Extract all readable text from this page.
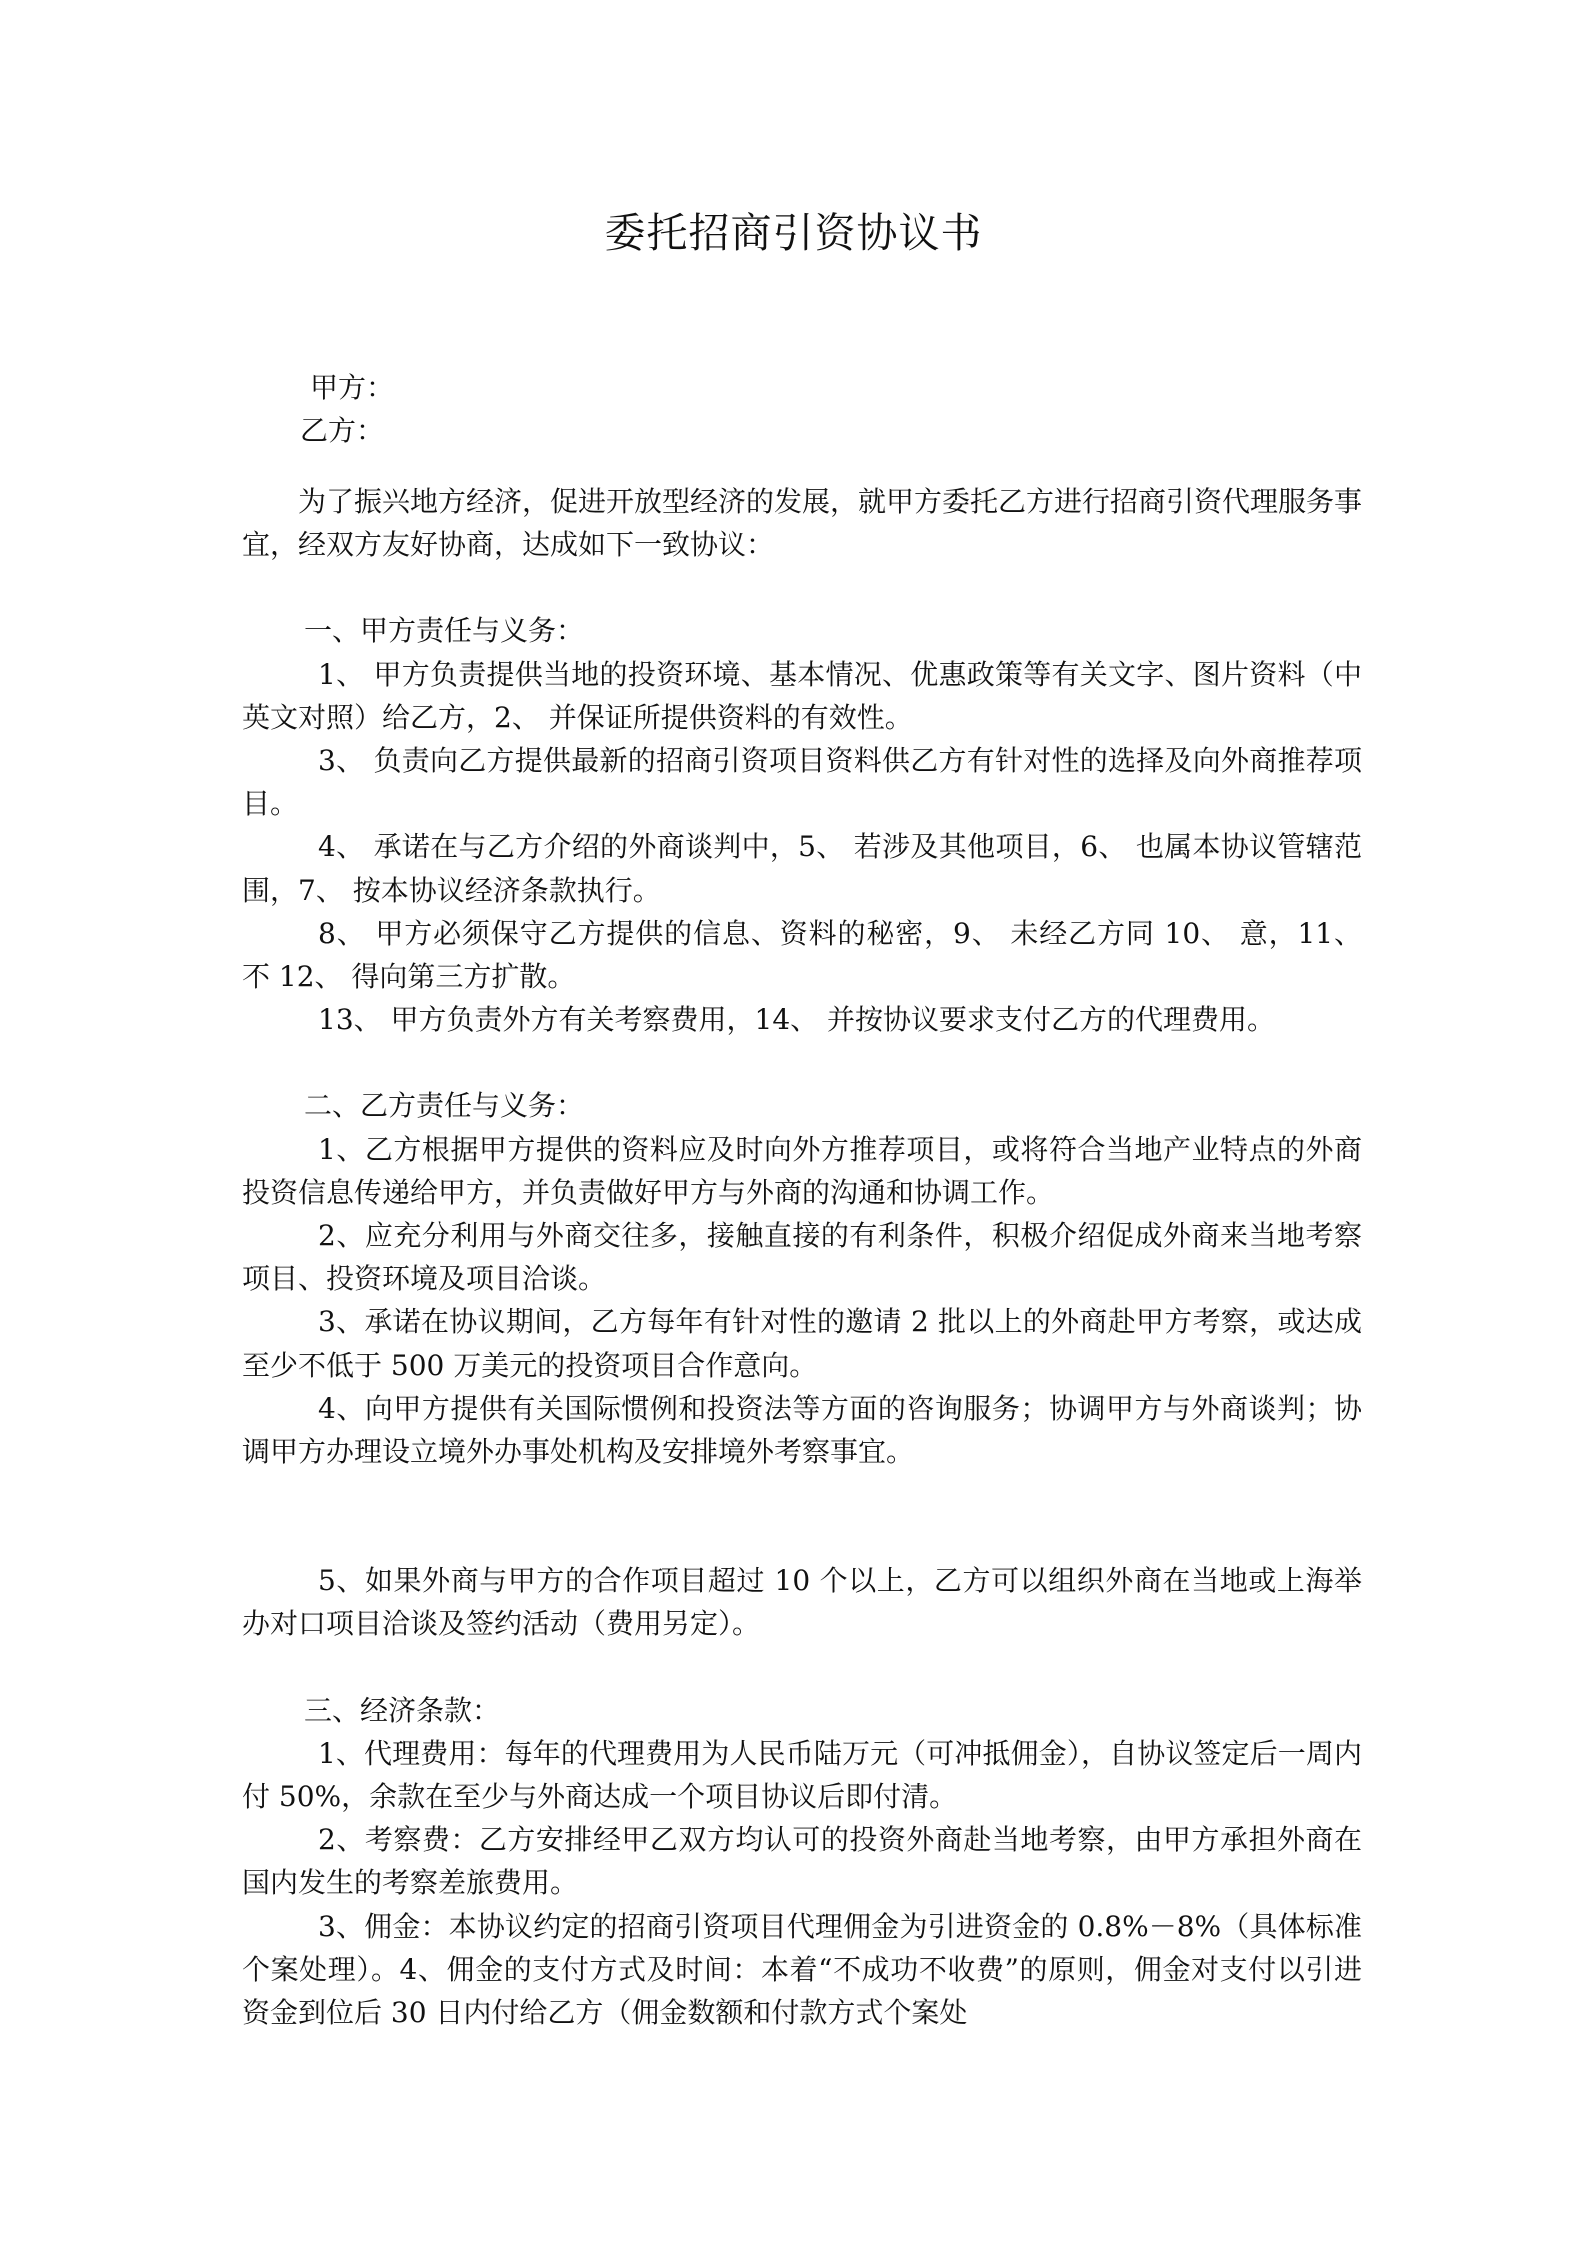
委托招商引资协议书

甲方：

乙方：

为了振兴地方经济，促进开放型经济的发展，就甲方委托乙方进行招商引资代理服务事宜，经双方友好协商，达成如下一致协议：

一、甲方责任与义务：

1、 甲方负责提供当地的投资环境、基本情况、优惠政策等有关文字、图片资料（中英文对照）给乙方，2、 并保证所提供资料的有效性。

3、 负责向乙方提供最新的招商引资项目资料供乙方有针对性的选择及向外商推荐项目。

4、 承诺在与乙方介绍的外商谈判中，5、 若涉及其他项目，6、 也属本协议管辖范围，7、 按本协议经济条款执行。

8、 甲方必须保守乙方提供的信息、资料的秘密，9、 未经乙方同 10、 意，11、 不 12、 得向第三方扩散。

13、 甲方负责外方有关考察费用，14、 并按协议要求支付乙方的代理费用。

二、乙方责任与义务：

1、乙方根据甲方提供的资料应及时向外方推荐项目，或将符合当地产业特点的外商投资信息传递给甲方，并负责做好甲方与外商的沟通和协调工作。

2、应充分利用与外商交往多，接触直接的有利条件，积极介绍促成外商来当地考察项目、投资环境及项目洽谈。

3、承诺在协议期间，乙方每年有针对性的邀请 2 批以上的外商赴甲方考察，或达成至少不低于 500 万美元的投资项目合作意向。

4、向甲方提供有关国际惯例和投资法等方面的咨询服务；协调甲方与外商谈判；协调甲方办理设立境外办事处机构及安排境外考察事宜。

5、如果外商与甲方的合作项目超过 10 个以上，乙方可以组织外商在当地或上海举办对口项目洽谈及签约活动（费用另定）。

三、经济条款：

1、代理费用：每年的代理费用为人民币陆万元（可冲抵佣金），自协议签定后一周内付 50%，余款在至少与外商达成一个项目协议后即付清。

2、考察费：乙方安排经甲乙双方均认可的投资外商赴当地考察，由甲方承担外商在国内发生的考察差旅费用。

3、佣金：本协议约定的招商引资项目代理佣金为引进资金的 0.8%－8%（具体标准个案处理）。4、佣金的支付方式及时间：本着“不成功不收费”的原则，佣金对支付以引进资金到位后 30 日内付给乙方（佣金数额和付款方式个案处
